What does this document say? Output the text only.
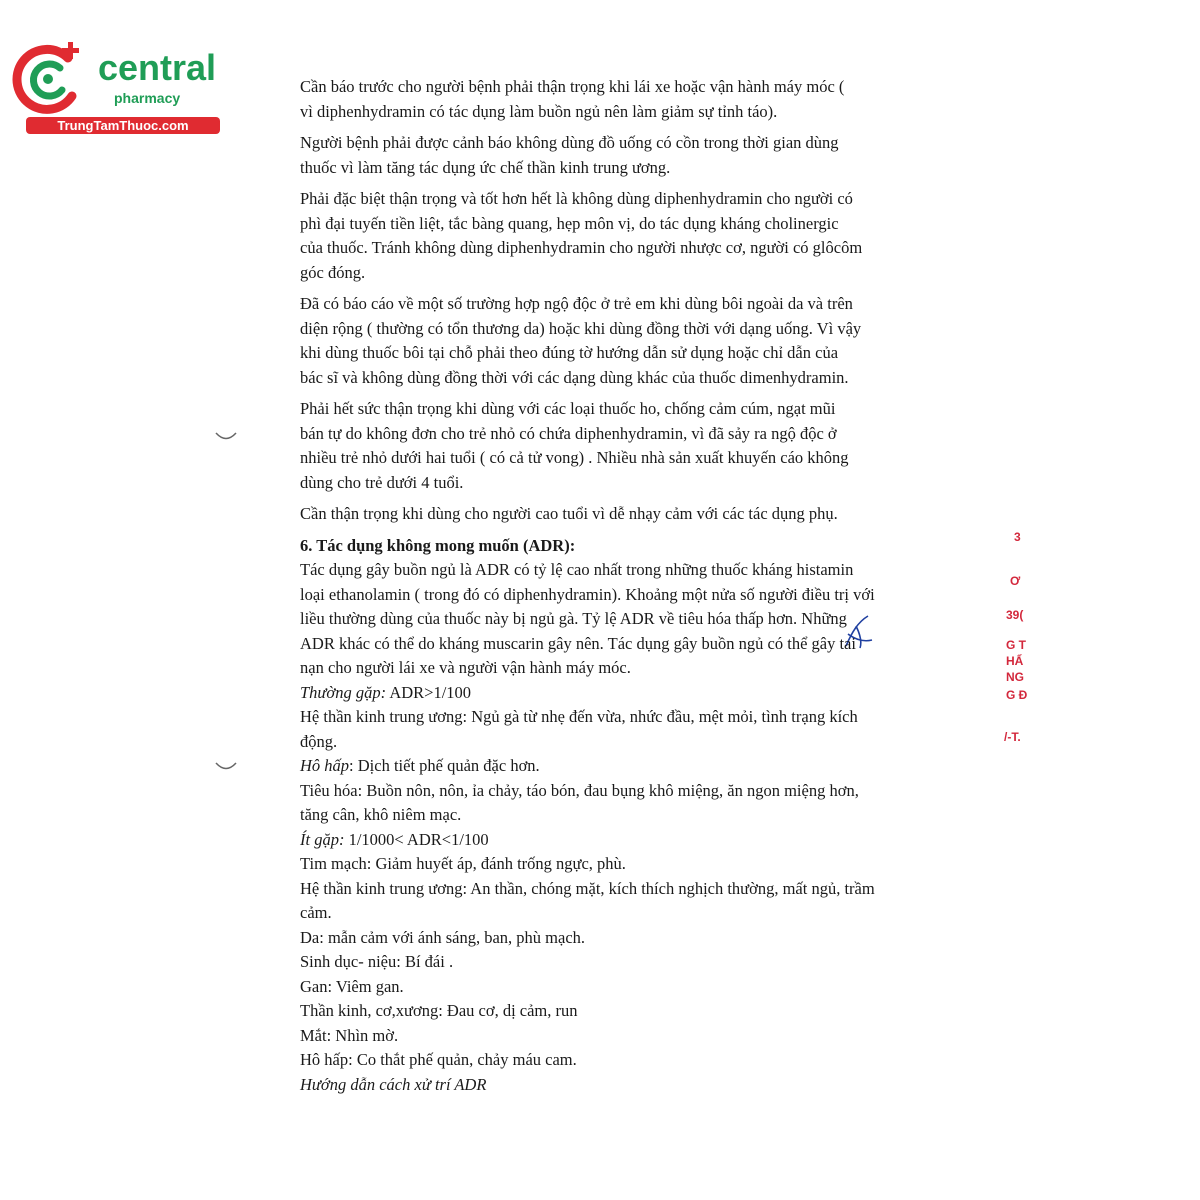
central
pharmacy
TrungTamThuoc.com
3
Ơ
39(
G T
HẨ
NG
G Đ
/-T.
Cần báo trước cho người bệnh phải thận trọng khi lái xe hoặc vận hành máy móc (
vì diphenhydramin có tác dụng làm buồn ngủ nên làm giảm sự tỉnh táo).
Người bệnh phải được cảnh báo không dùng đồ uống có cồn trong thời gian dùng
thuốc vì làm tăng tác dụng ức chế thần kinh trung ương.
Phải đặc biệt thận trọng và tốt hơn hết là không dùng diphenhydramin cho người có
phì đại tuyến tiền liệt, tắc bàng quang, hẹp môn vị, do tác dụng kháng cholinergic
của thuốc. Tránh không dùng diphenhydramin cho người nhược cơ, người có glôcôm
góc đóng.
Đã có báo cáo về một số trường hợp ngộ độc ở trẻ em khi dùng bôi ngoài da và trên
diện rộng ( thường có tổn thương da) hoặc khi dùng đồng thời với dạng uống. Vì vậy
khi dùng thuốc bôi tại chỗ phải theo đúng tờ hướng dẫn sử dụng hoặc chỉ dẫn của
bác sĩ và không dùng đồng thời với các dạng dùng khác của thuốc dimenhydramin.
Phải hết sức thận trọng khi dùng với các loại thuốc ho, chống cảm cúm, ngạt mũi
bán tự do không đơn cho trẻ nhỏ có chứa diphenhydramin, vì đã sảy ra ngộ độc ở
nhiều trẻ nhỏ dưới hai tuổi ( có cả tử vong) . Nhiều nhà sản xuất khuyến cáo không
dùng cho trẻ dưới 4 tuổi.
Cần thận trọng khi dùng cho người cao tuổi vì dễ nhạy cảm với các tác dụng phụ.
6. Tác dụng không mong muốn (ADR):
Tác dụng gây buồn ngủ là ADR có tỷ lệ cao nhất trong những thuốc kháng histamin
loại ethanolamin ( trong đó có diphenhydramin). Khoảng một nửa số người điều trị với
liều thường dùng của thuốc này bị ngủ gà. Tỷ lệ ADR về tiêu hóa thấp hơn. Những
ADR khác có thể do kháng muscarin gây nên. Tác dụng gây buồn ngủ có thể gây tai
nạn cho người lái xe và người vận hành máy móc.
Thường gặp: ADR>1/100
Hệ thần kinh trung ương: Ngủ gà từ nhẹ đến vừa, nhức đầu, mệt mỏi, tình trạng kích
động.
Hô hấp: Dịch tiết phế quản đặc hơn.
Tiêu hóa: Buồn nôn, nôn, ỉa chảy, táo bón, đau bụng khô miệng, ăn ngon miệng hơn,
tăng cân, khô niêm mạc.
Ít gặp: 1/1000< ADR<1/100
Tim mạch: Giảm huyết áp, đánh trống ngực, phù.
Hệ thần kinh trung ương: An thần, chóng mặt, kích thích nghịch thường, mất ngủ, trầm
cảm.
Da: mẫn cảm với ánh sáng, ban, phù mạch.
Sinh dục- niệu: Bí đái .
Gan: Viêm gan.
Thần kinh, cơ,xương: Đau cơ, dị cảm, run
Mắt: Nhìn mờ.
Hô hấp: Co thắt phế quản, chảy máu cam.
Hướng dẫn cách xử trí ADR
